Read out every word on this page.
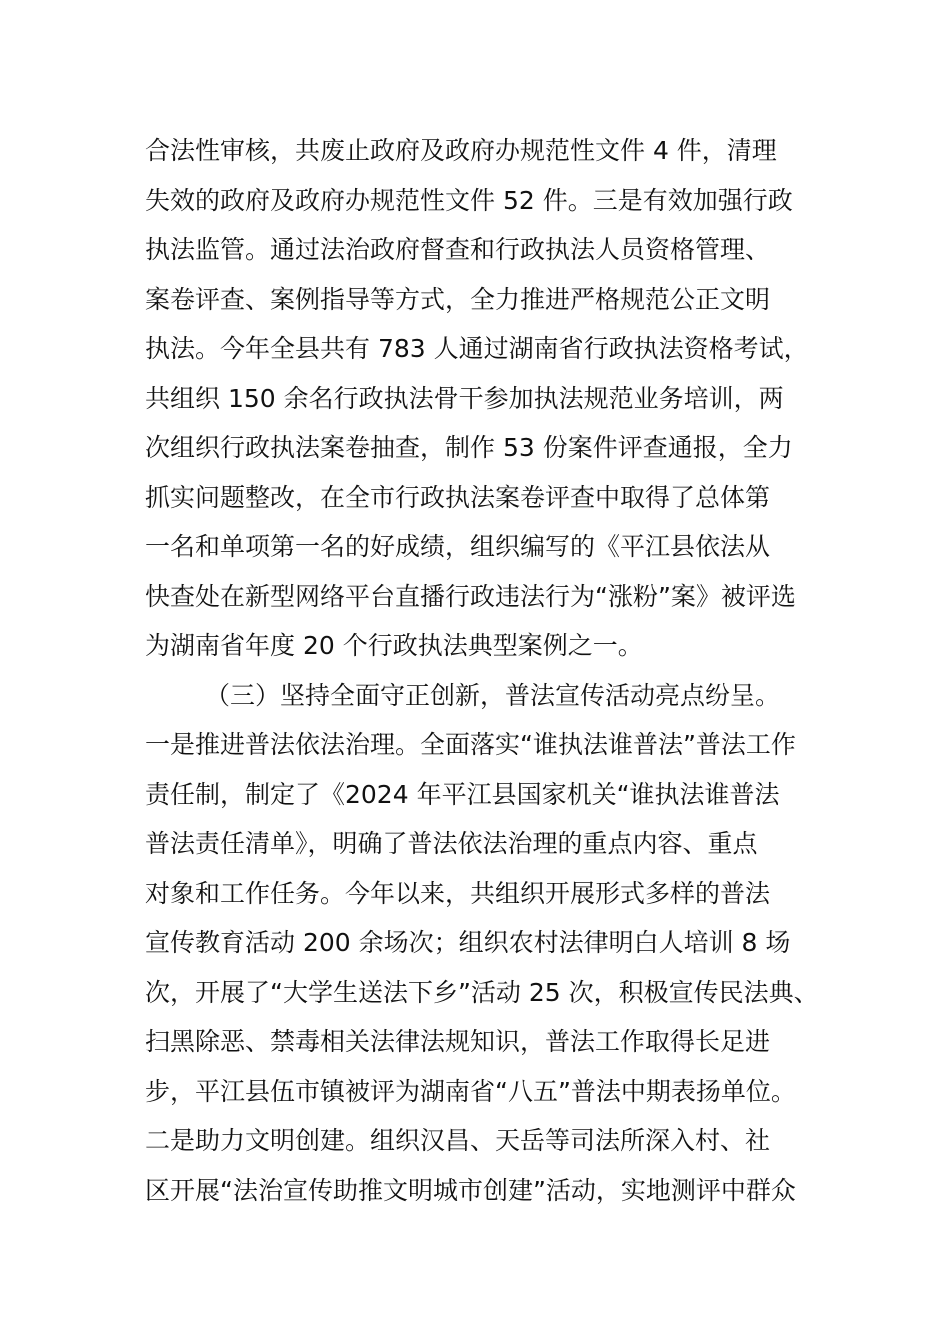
合法性审核，共废止政府及政府办规范性文件 4 件，清理
失效的政府及政府办规范性文件 52 件。三是有效加强行政
执法监管。通过法治政府督查和行政执法人员资格管理、
案卷评查、案例指导等方式，全力推进严格规范公正文明
执法。今年全县共有 783 人通过湖南省行政执法资格考试，
共组织 150 余名行政执法骨干参加执法规范业务培训，两
次组织行政执法案卷抽查，制作 53 份案件评查通报，全力
抓实问题整改，在全市行政执法案卷评查中取得了总体第
一名和单项第一名的好成绩，组织编写的《平江县依法从
快查处在新型网络平台直播行政违法行为“涨粉”案》被评选
为湖南省年度 20 个行政执法典型案例之一。
（三）坚持全面守正创新，普法宣传活动亮点纷呈。
一是推进普法依法治理。全面落实“谁执法谁普法”普法工作
责任制，制定了《2024 年平江县国家机关“谁执法谁普法
普法责任清单》，明确了普法依法治理的重点内容、重点
对象和工作任务。今年以来，共组织开展形式多样的普法
宣传教育活动 200 余场次；组织农村法律明白人培训 8 场
次，开展了“大学生送法下乡”活动 25 次，积极宣传民法典、
扫黑除恶、禁毒相关法律法规知识，普法工作取得长足进
步，平江县伍市镇被评为湖南省“八五”普法中期表扬单位。
二是助力文明创建。组织汉昌、天岳等司法所深入村、社
区开展“法治宣传助推文明城市创建”活动，实地测评中群众
